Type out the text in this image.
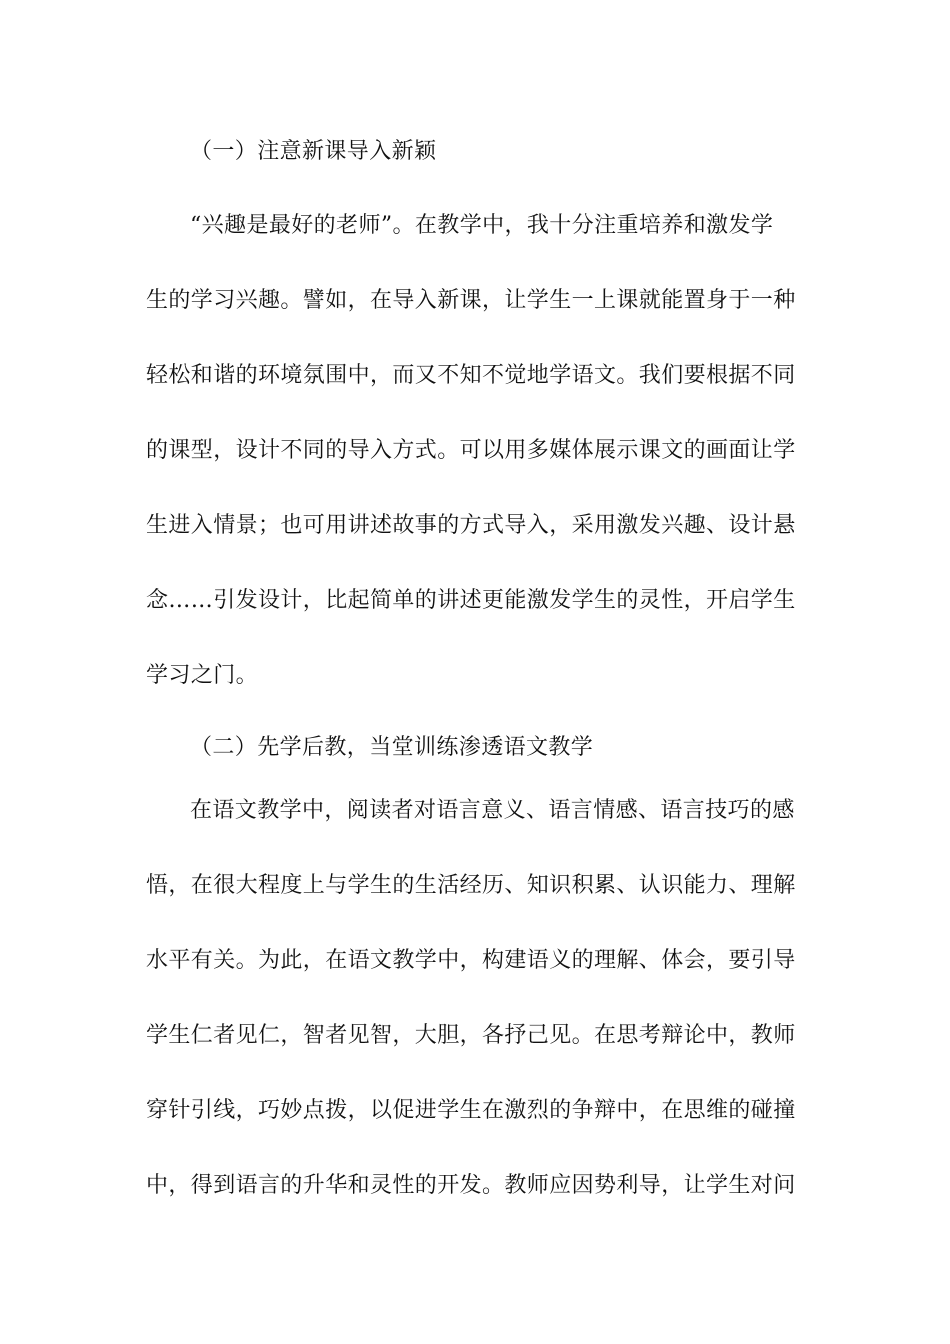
（一）注意新课导入新颖
“兴趣是最好的老师”。在教学中，我十分注重培养和激发学
生的学习兴趣。譬如，在导入新课，让学生一上课就能置身于一种
轻松和谐的环境氛围中，而又不知不觉地学语文。我们要根据不同
的课型，设计不同的导入方式。可以用多媒体展示课文的画面让学
生进入情景；也可用讲述故事的方式导入，采用激发兴趣、设计悬
念……引发设计，比起简单的讲述更能激发学生的灵性，开启学生
学习之门。
（二）先学后教，当堂训练渗透语文教学
在语文教学中，阅读者对语言意义、语言情感、语言技巧的感
悟，在很大程度上与学生的生活经历、知识积累、认识能力、理解
水平有关。为此，在语文教学中，构建语义的理解、体会，要引导
学生仁者见仁，智者见智，大胆，各抒己见。在思考辩论中，教师
穿针引线，巧妙点拨，以促进学生在激烈的争辩中，在思维的碰撞
中，得到语言的升华和灵性的开发。教师应因势利导，让学生对问
